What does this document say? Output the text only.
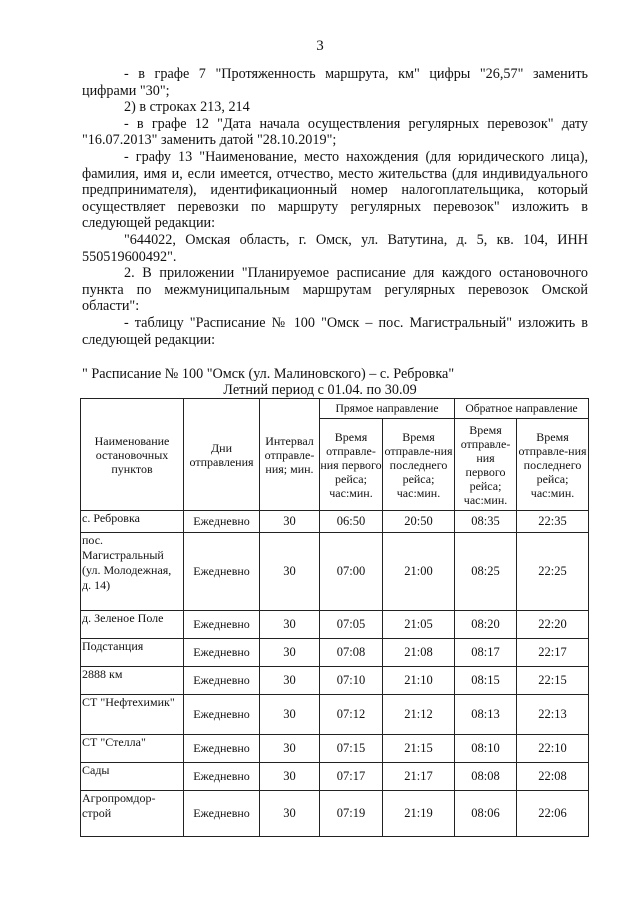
3

- в графе 7 "Протяженность маршрута, км" цифры "26,57" заменить цифрами "30";

2) в строках 213, 214

- в графе 12 "Дата начала осуществления регулярных перевозок" дату "16.07.2013" заменить датой "28.10.2019";

- графу 13 "Наименование, место нахождения (для юридического лица), фамилия, имя и, если имеется, отчество, место жительства (для индивидуального предпринимателя), идентификационный номер налогоплательщика, который осуществляет перевозки по маршруту регулярных перевозок" изложить в следующей редакции:

"644022, Омская область, г. Омск, ул. Ватутина, д. 5, кв. 104, ИНН 550519600492".

2. В приложении "Планируемое расписание для каждого остановочного пункта по межмуниципальным маршрутам регулярных перевозок Омской области":

- таблицу "Расписание № 100 "Омск – пос. Магистральный" изложить в следующей редакции:

" Расписание № 100 "Омск (ул. Малиновского) – с. Ребровка"
Летний период с 01.04. по 30.09
Наименование остановочных пунктов	Дни отправления	Интервал отправле-ния; мин.	Прямое направление		Обратное направление	
			Время отправле-ния первого рейса; час:мин.	Время отправле-ния последнего рейса; час:мин.	Время отправле-ния первого рейса; час:мин.	Время отправле-ния последнего рейса; час:мин.
с. Ребровка	Ежедневно	30	06:50	20:50	08:35	22:35
пос. Магистральный (ул. Молодежная, д. 14)	Ежедневно	30	07:00	21:00	08:25	22:25
д. Зеленое Поле	Ежедневно	30	07:05	21:05	08:20	22:20
Подстанция	Ежедневно	30	07:08	21:08	08:17	22:17
2888 км	Ежедневно	30	07:10	21:10	08:15	22:15
СТ "Нефтехимик"	Ежедневно	30	07:12	21:12	08:13	22:13
СТ "Стелла"	Ежедневно	30	07:15	21:15	08:10	22:10
Сады	Ежедневно	30	07:17	21:17	08:08	22:08
Агропромдор-строй	Ежедневно	30	07:19	21:19	08:06	22:06
